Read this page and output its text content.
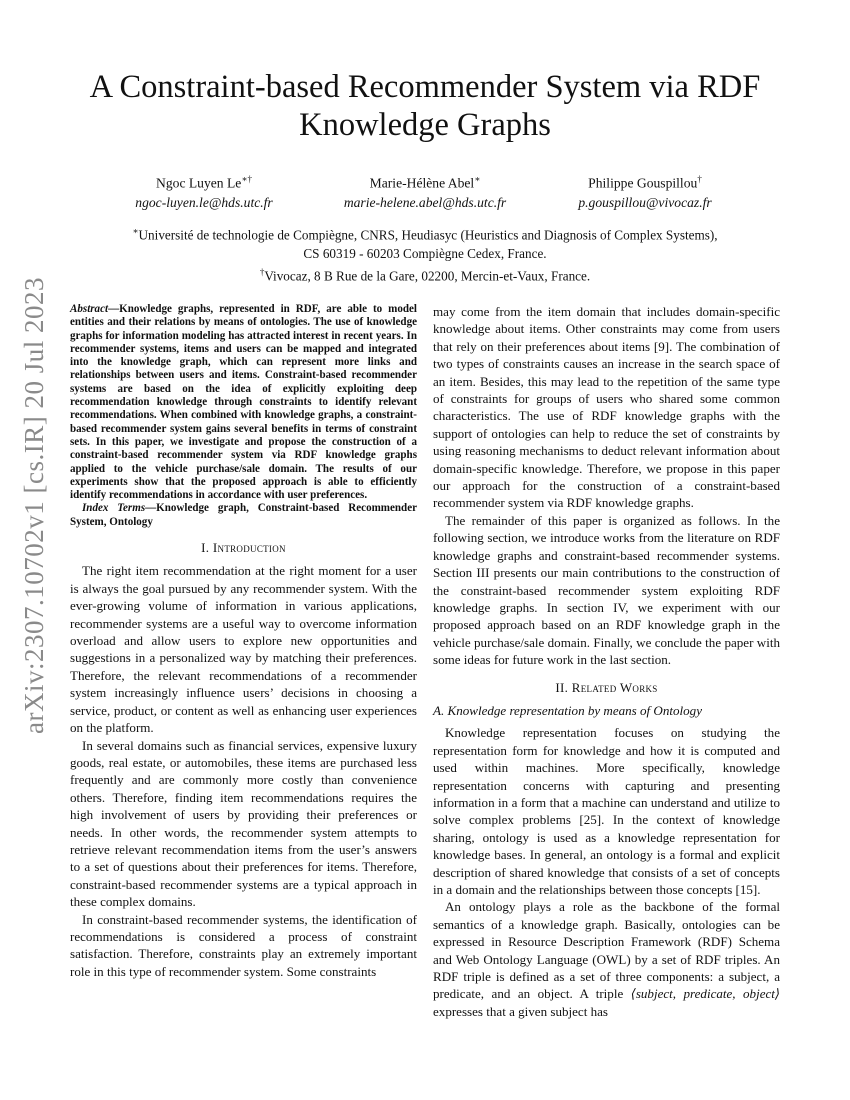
arXiv:2307.10702v1 [cs.IR] 20 Jul 2023
A Constraint-based Recommender System via RDF Knowledge Graphs
Ngoc Luyen Le∗†
ngoc-luyen.le@hds.utc.fr
Marie-Hélène Abel∗
marie-helene.abel@hds.utc.fr
Philippe Gouspillou†
p.gouspillou@vivocaz.fr
∗Université de technologie de Compiègne, CNRS, Heudiasyc (Heuristics and Diagnosis of Complex Systems),
CS 60319 - 60203 Compiègne Cedex, France.
†Vivocaz, 8 B Rue de la Gare, 02200, Mercin-et-Vaux, France.

Abstract—Knowledge graphs, represented in RDF, are able to model entities and their relations by means of ontologies. The use of knowledge graphs for information modeling has attracted interest in recent years. In recommender systems, items and users can be mapped and integrated into the knowledge graph, which can represent more links and relationships between users and items. Constraint-based recommender systems are based on the idea of explicitly exploiting deep recommendation knowledge through constraints to identify relevant recommendations. When combined with knowledge graphs, a constraint-based recommender system gains several benefits in terms of constraint sets. In this paper, we investigate and propose the construction of a constraint-based recommender system via RDF knowledge graphs applied to the vehicle purchase/sale domain. The results of our experiments show that the proposed approach is able to efficiently identify recommendations in accordance with user preferences.

Index Terms—Knowledge graph, Constraint-based Recommender System, Ontology

I. Introduction

The right item recommendation at the right moment for a user is always the goal pursued by any recommender system. With the ever-growing volume of information in various applications, recommender systems are a useful way to overcome information overload and allow users to explore new opportunities and suggestions in a personalized way by matching their preferences. Therefore, the relevant recommendations of a recommender system increasingly influence users’ decisions in choosing a service, product, or content as well as enhancing user experiences on the platform.

In several domains such as financial services, expensive luxury goods, real estate, or automobiles, these items are purchased less frequently and are commonly more costly than convenience others. Therefore, finding item recommendations requires the high involvement of users by providing their preferences or needs. In other words, the recommender system attempts to retrieve relevant recommendation items from the user’s answers to a set of questions about their preferences for items. Therefore, constraint-based recommender systems are a typical approach in these complex domains.

In constraint-based recommender systems, the identification of recommendations is considered a process of constraint satisfaction. Therefore, constraints play an extremely important role in this type of recommender system. Some constraints

may come from the item domain that includes domain-specific knowledge about items. Other constraints may come from users that rely on their preferences about items [9]. The combination of two types of constraints causes an increase in the search space of an item. Besides, this may lead to the repetition of the same type of constraints for groups of users who shared some common characteristics. The use of RDF knowledge graphs with the support of ontologies can help to reduce the set of constraints by using reasoning mechanisms to deduct relevant information about domain-specific knowledge. Therefore, we propose in this paper our approach for the construction of a constraint-based recommender system via RDF knowledge graphs.

The remainder of this paper is organized as follows. In the following section, we introduce works from the literature on RDF knowledge graphs and constraint-based recommender systems. Section III presents our main contributions to the construction of the constraint-based recommender system exploiting RDF knowledge graphs. In section IV, we experiment with our proposed approach based on an RDF knowledge graph in the vehicle purchase/sale domain. Finally, we conclude the paper with some ideas for future work in the last section.

II. Related Works
A. Knowledge representation by means of Ontology

Knowledge representation focuses on studying the representation form for knowledge and how it is computed and used within machines. More specifically, knowledge representation concerns with capturing and presenting information in a form that a machine can understand and utilize to solve complex problems [25]. In the context of knowledge sharing, ontology is used as a knowledge representation for knowledge bases. In general, an ontology is a formal and explicit description of shared knowledge that consists of a set of concepts in a domain and the relationships between those concepts [15].

An ontology plays a role as the backbone of the formal semantics of a knowledge graph. Basically, ontologies can be expressed in Resource Description Framework (RDF) Schema and Web Ontology Language (OWL) by a set of RDF triples. An RDF triple is defined as a set of three components: a subject, a predicate, and an object. A triple ⟨subject, predicate, object⟩ expresses that a given subject has
